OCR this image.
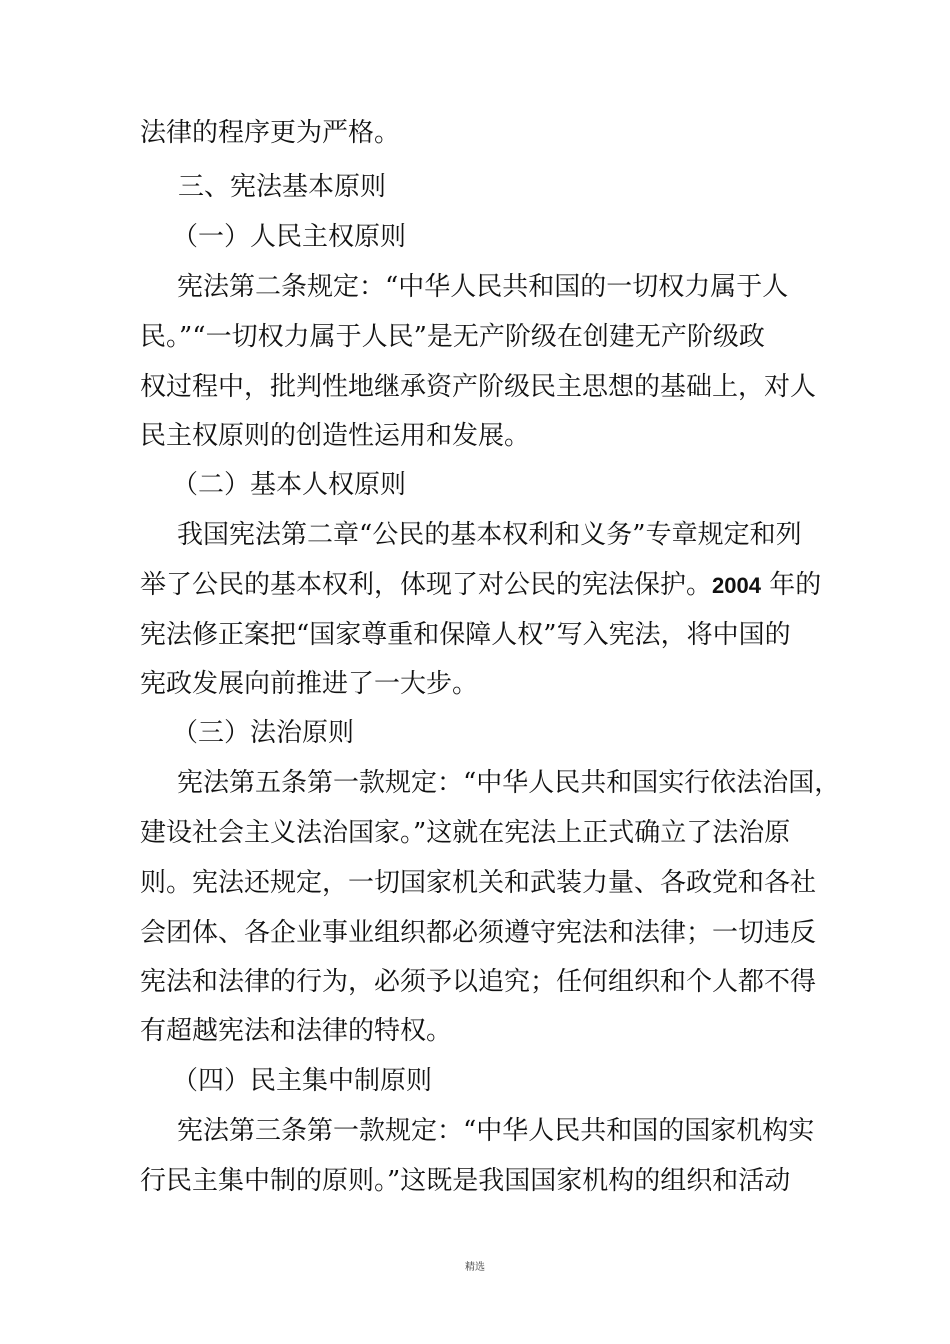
法律的程序更为严格。
三、宪法基本原则
（一）人民主权原则
宪法第二条规定：“中华人民共和国的一切权力属于人
民。”“一切权力属于人民”是无产阶级在创建无产阶级政
权过程中，批判性地继承资产阶级民主思想的基础上，对人
民主权原则的创造性运用和发展。
（二）基本人权原则
我国宪法第二章“公民的基本权利和义务”专章规定和列
举了公民的基本权利，体现了对公民的宪法保护。2004 年的
宪法修正案把“国家尊重和保障人权”写入宪法，将中国的
宪政发展向前推进了一大步。
（三）法治原则
宪法第五条第一款规定：“中华人民共和国实行依法治国，
建设社会主义法治国家。”这就在宪法上正式确立了法治原
则。宪法还规定，一切国家机关和武装力量、各政党和各社
会团体、各企业事业组织都必须遵守宪法和法律；一切违反
宪法和法律的行为，必须予以追究；任何组织和个人都不得
有超越宪法和法律的特权。
（四）民主集中制原则
宪法第三条第一款规定：“中华人民共和国的国家机构实
行民主集中制的原则。”这既是我国国家机构的组织和活动
精选
